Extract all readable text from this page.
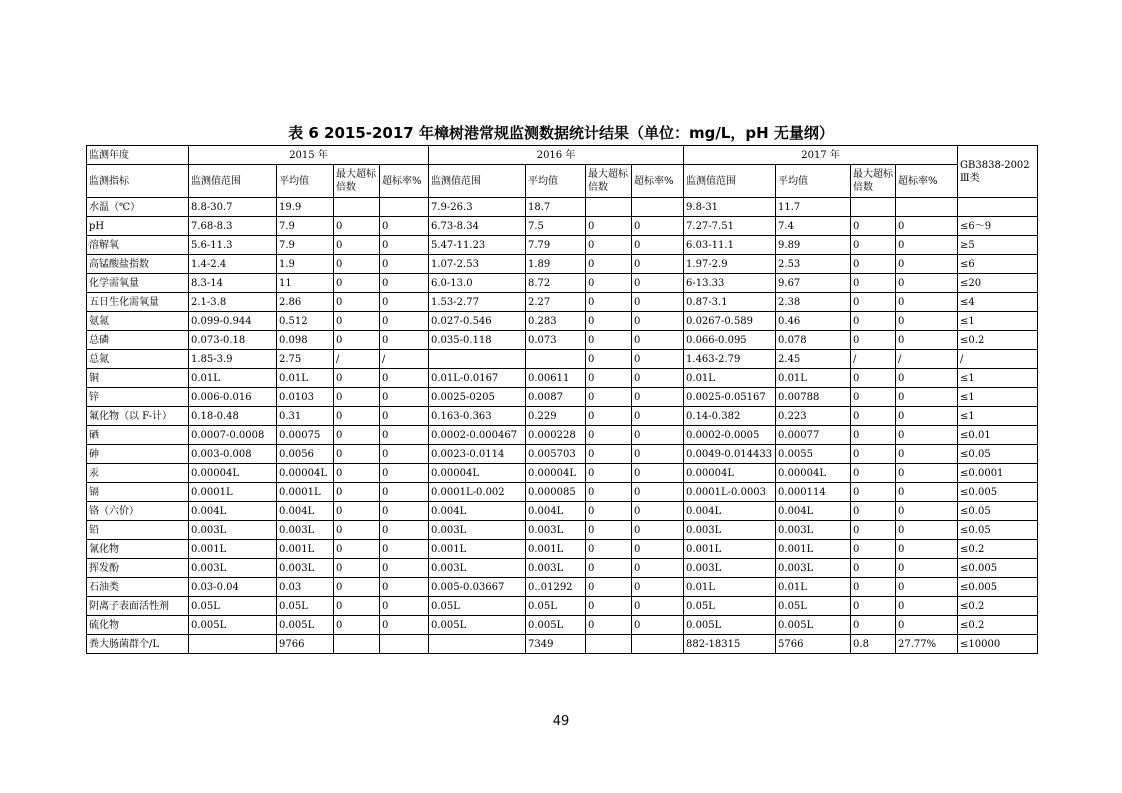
表 6 2015-2017 年樟树港常规监测数据统计结果（单位：mg/L，pH 无量纲）
监测年度	2015 年				2016 年				2017 年				GB3838-2002 Ⅲ类
监测指标	监测值范围	平均值	最大超标倍数	超标率%	监测值范围	平均值	最大超标倍数	超标率%	监测值范围	平均值	最大超标倍数	超标率%	
水温（℃）	8.8-30.7	19.9			7.9-26.3	18.7			9.8-31	11.7			
pH	7.68-8.3	7.9	0	0	6.73-8.34	7.5	0	0	7.27-7.51	7.4	0	0	≤6～9
溶解氧	5.6-11.3	7.9	0	0	5.47-11.23	7.79	0	0	6.03-11.1	9.89	0	0	≥5
高锰酸盐指数	1.4-2.4	1.9	0	0	1.07-2.53	1.89	0	0	1.97-2.9	2.53	0	0	≤6
化学需氧量	8.3-14	11	0	0	6.0-13.0	8.72	0	0	6-13.33	9.67	0	0	≤20
五日生化需氧量	2.1-3.8	2.86	0	0	1.53-2.77	2.27	0	0	0.87-3.1	2.38	0	0	≤4
氨氮	0.099-0.944	0.512	0	0	0.027-0.546	0.283	0	0	0.0267-0.589	0.46	0	0	≤1
总磷	0.073-0.18	0.098	0	0	0.035-0.118	0.073	0	0	0.066-0.095	0.078	0	0	≤0.2
总氮	1.85-3.9	2.75	/	/			0	0	1.463-2.79	2.45	/	/	/
铜	0.01L	0.01L	0	0	0.01L-0.0167	0.00611	0	0	0.01L	0.01L	0	0	≤1
锌	0.006-0.016	0.0103	0	0	0.0025-0205	0.0087	0	0	0.0025-0.05167	0.00788	0	0	≤1
氟化物（以 F-计）	0.18-0.48	0.31	0	0	0.163-0.363	0.229	0	0	0.14-0.382	0.223	0	0	≤1
硒	0.0007-0.0008	0.00075	0	0	0.0002-0.000467	0.000228	0	0	0.0002-0.0005	0.00077	0	0	≤0.01
砷	0.003-0.008	0.0056	0	0	0.0023-0.0114	0.005703	0	0	0.0049-0.014433	0.0055	0	0	≤0.05
汞	0.00004L	0.00004L	0	0	0.00004L	0.00004L	0	0	0.00004L	0.00004L	0	0	≤0.0001
镉	0.0001L	0.0001L	0	0	0.0001L-0.002	0.000085	0	0	0.0001L-0.0003	0.000114	0	0	≤0.005
铬（六价）	0.004L	0.004L	0	0	0.004L	0.004L	0	0	0.004L	0.004L	0	0	≤0.05
铅	0.003L	0.003L	0	0	0.003L	0.003L	0	0	0.003L	0.003L	0	0	≤0.05
氰化物	0.001L	0.001L	0	0	0.001L	0.001L	0	0	0.001L	0.001L	0	0	≤0.2
挥发酚	0.003L	0.003L	0	0	0.003L	0.003L	0	0	0.003L	0.003L	0	0	≤0.005
石油类	0.03-0.04	0.03	0	0	0.005-0.03667	0..01292	0	0	0.01L	0.01L	0	0	≤0.005
阴离子表面活性剂	0.05L	0.05L	0	0	0.05L	0.05L	0	0	0.05L	0.05L	0	0	≤0.2
硫化物	0.005L	0.005L	0	0	0.005L	0.005L	0	0	0.005L	0.005L	0	0	≤0.2
粪大肠菌群个/L		9766				7349			882-18315	5766	0.8	27.77%	≤10000
49
